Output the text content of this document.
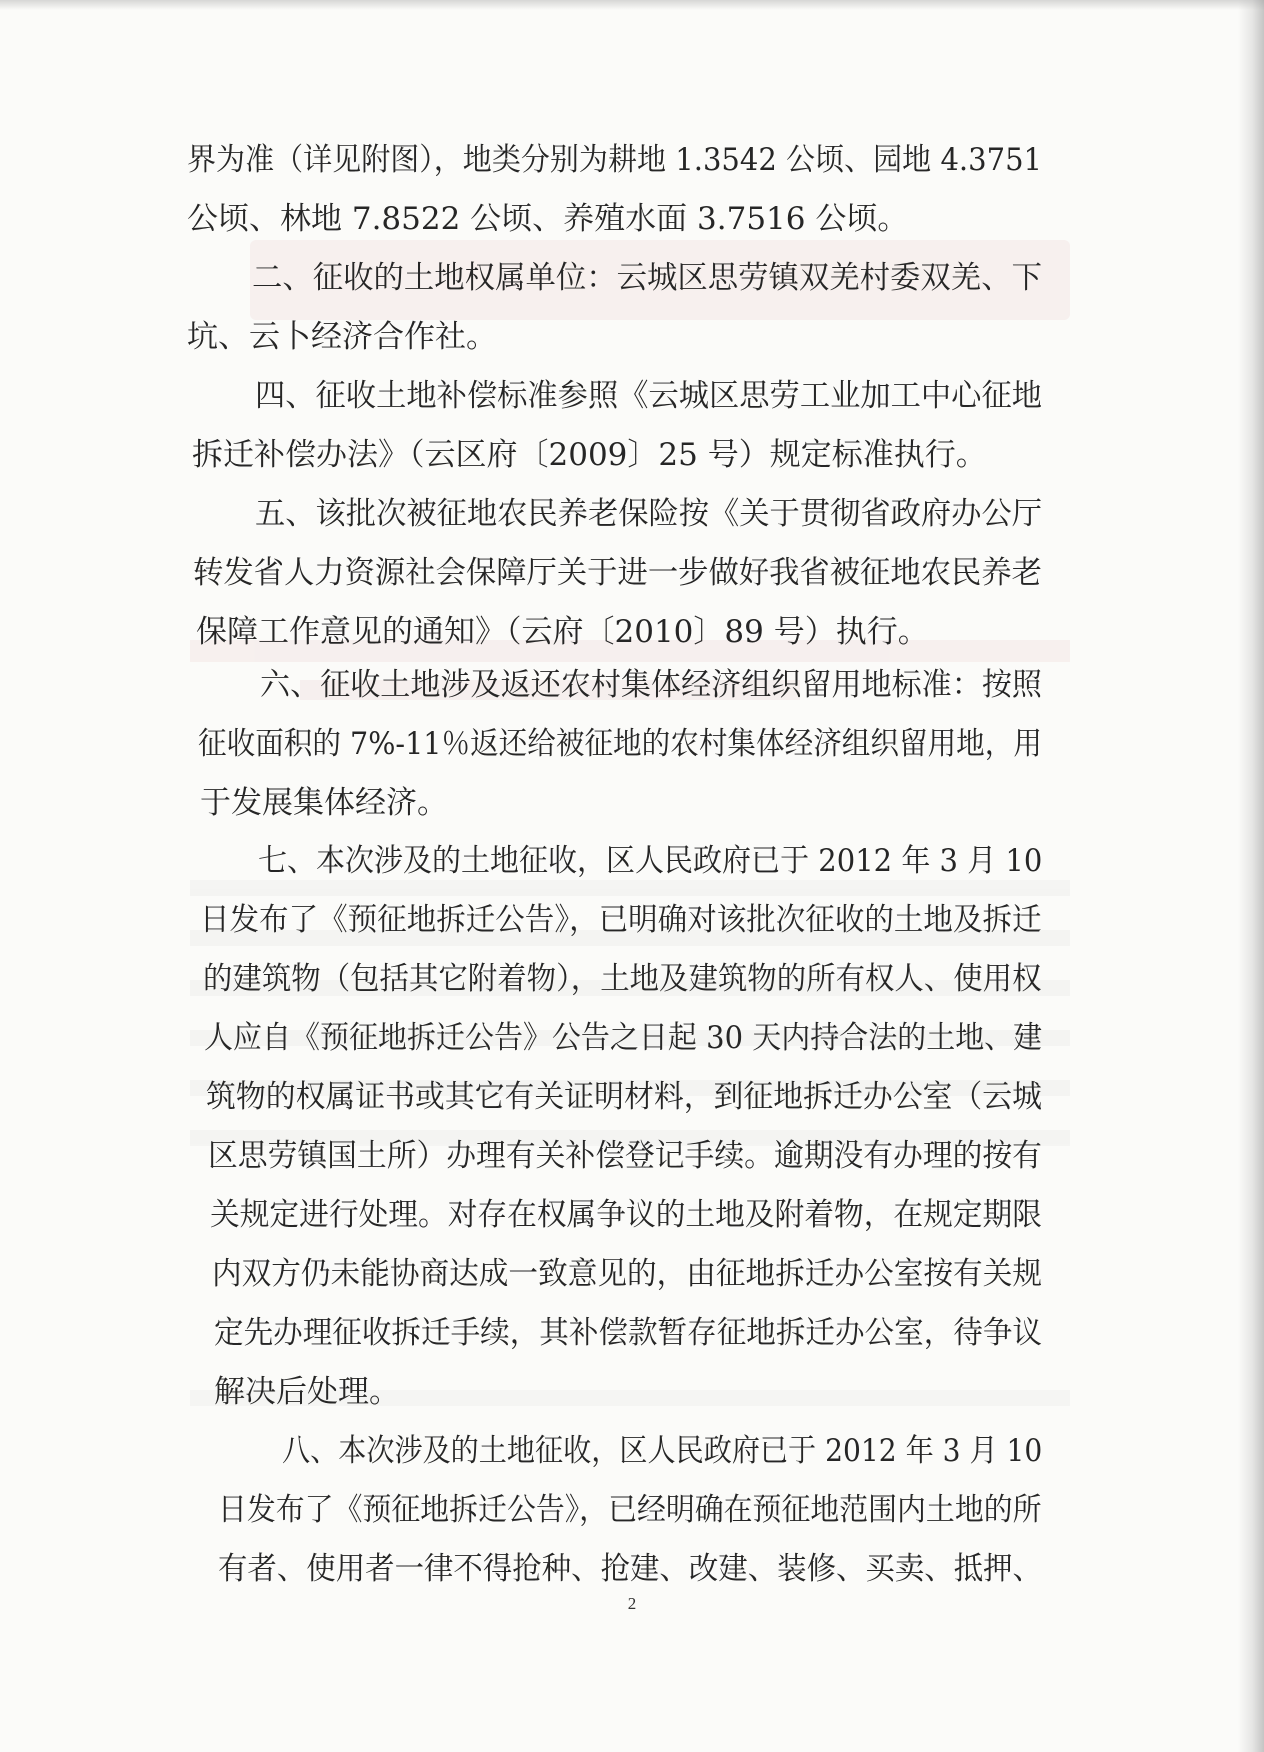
界为准（详见附图），地类分别为耕地 1.3542 公顷、园地 4.3751
公顷、林地 7.8522 公顷、养殖水面 3.7516 公顷。
二、征收的土地权属单位：云城区思劳镇双羌村委双羌、下
坑、云卜经济合作社。
四、征收土地补偿标准参照《云城区思劳工业加工中心征地
拆迁补偿办法》（云区府〔2009〕25 号）规定标准执行。
五、该批次被征地农民养老保险按《关于贯彻省政府办公厅
转发省人力资源社会保障厅关于进一步做好我省被征地农民养老
保障工作意见的通知》（云府〔2010〕89 号）执行。
六、征收土地涉及返还农村集体经济组织留用地标准：按照
征收面积的 7%-11％返还给被征地的农村集体经济组织留用地，用
于发展集体经济。
七、本次涉及的土地征收，区人民政府已于 2012 年 3 月 10
日发布了《预征地拆迁公告》，已明确对该批次征收的土地及拆迁
的建筑物（包括其它附着物），土地及建筑物的所有权人、使用权
人应自《预征地拆迁公告》公告之日起 30 天内持合法的土地、建
筑物的权属证书或其它有关证明材料，到征地拆迁办公室（云城
区思劳镇国土所）办理有关补偿登记手续。逾期没有办理的按有
关规定进行处理。对存在权属争议的土地及附着物，在规定期限
内双方仍未能协商达成一致意见的，由征地拆迁办公室按有关规
定先办理征收拆迁手续，其补偿款暂存征地拆迁办公室，待争议
解决后处理。
八、本次涉及的土地征收，区人民政府已于 2012 年 3 月 10
日发布了《预征地拆迁公告》，已经明确在预征地范围内土地的所
有者、使用者一律不得抢种、抢建、改建、装修、买卖、抵押、
2
